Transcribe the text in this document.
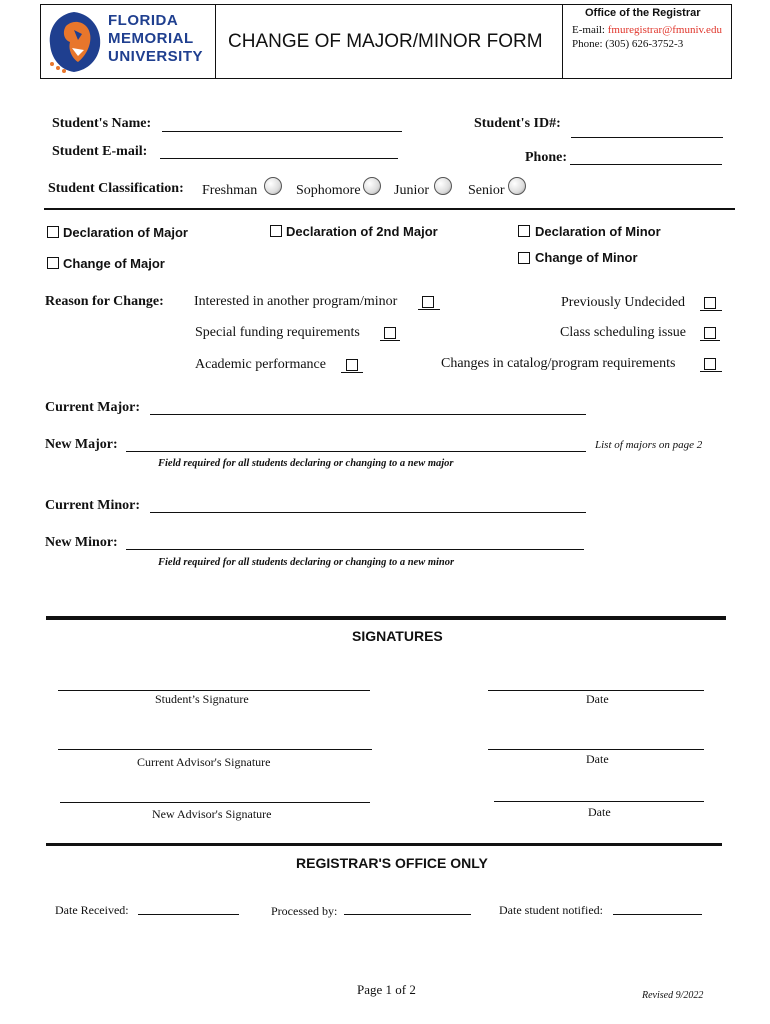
FLORIDA
MEMORIAL
UNIVERSITY
CHANGE OF MAJOR/MINOR FORM
Office of the Registrar
E-mail: fmuregistrar@fmuniv.edu
Phone: (305) 626-3752-3
Student's Name:	Student's ID#:
Student E-mail:	Phone:
Student Classification: Freshman	Sophomore Junior	Senior
Declaration of Major	Declaration of 2nd Major	Declaration of Minor
Change of Major	Change of Minor
Reason for Change: Interested in another program/minor	Previously Undecided
Special funding requirements	Class scheduling issue
Academic performance	Changes in catalog/program requirements
Current Major:
New Major:	List of majors on page 2
Field required for all students declaring or changing to a new major
Current Minor:
New Minor:
Field required for all students declaring or changing to a new minor
SIGNATURES
Student’s Signature	Date
Current Advisor's Signature	Date
New Advisor's Signature	Date
REGISTRAR'S OFFICE ONLY
Date Received:	Processed by:	Date student notified:
Page 1 of 2	Revised 9/2022
